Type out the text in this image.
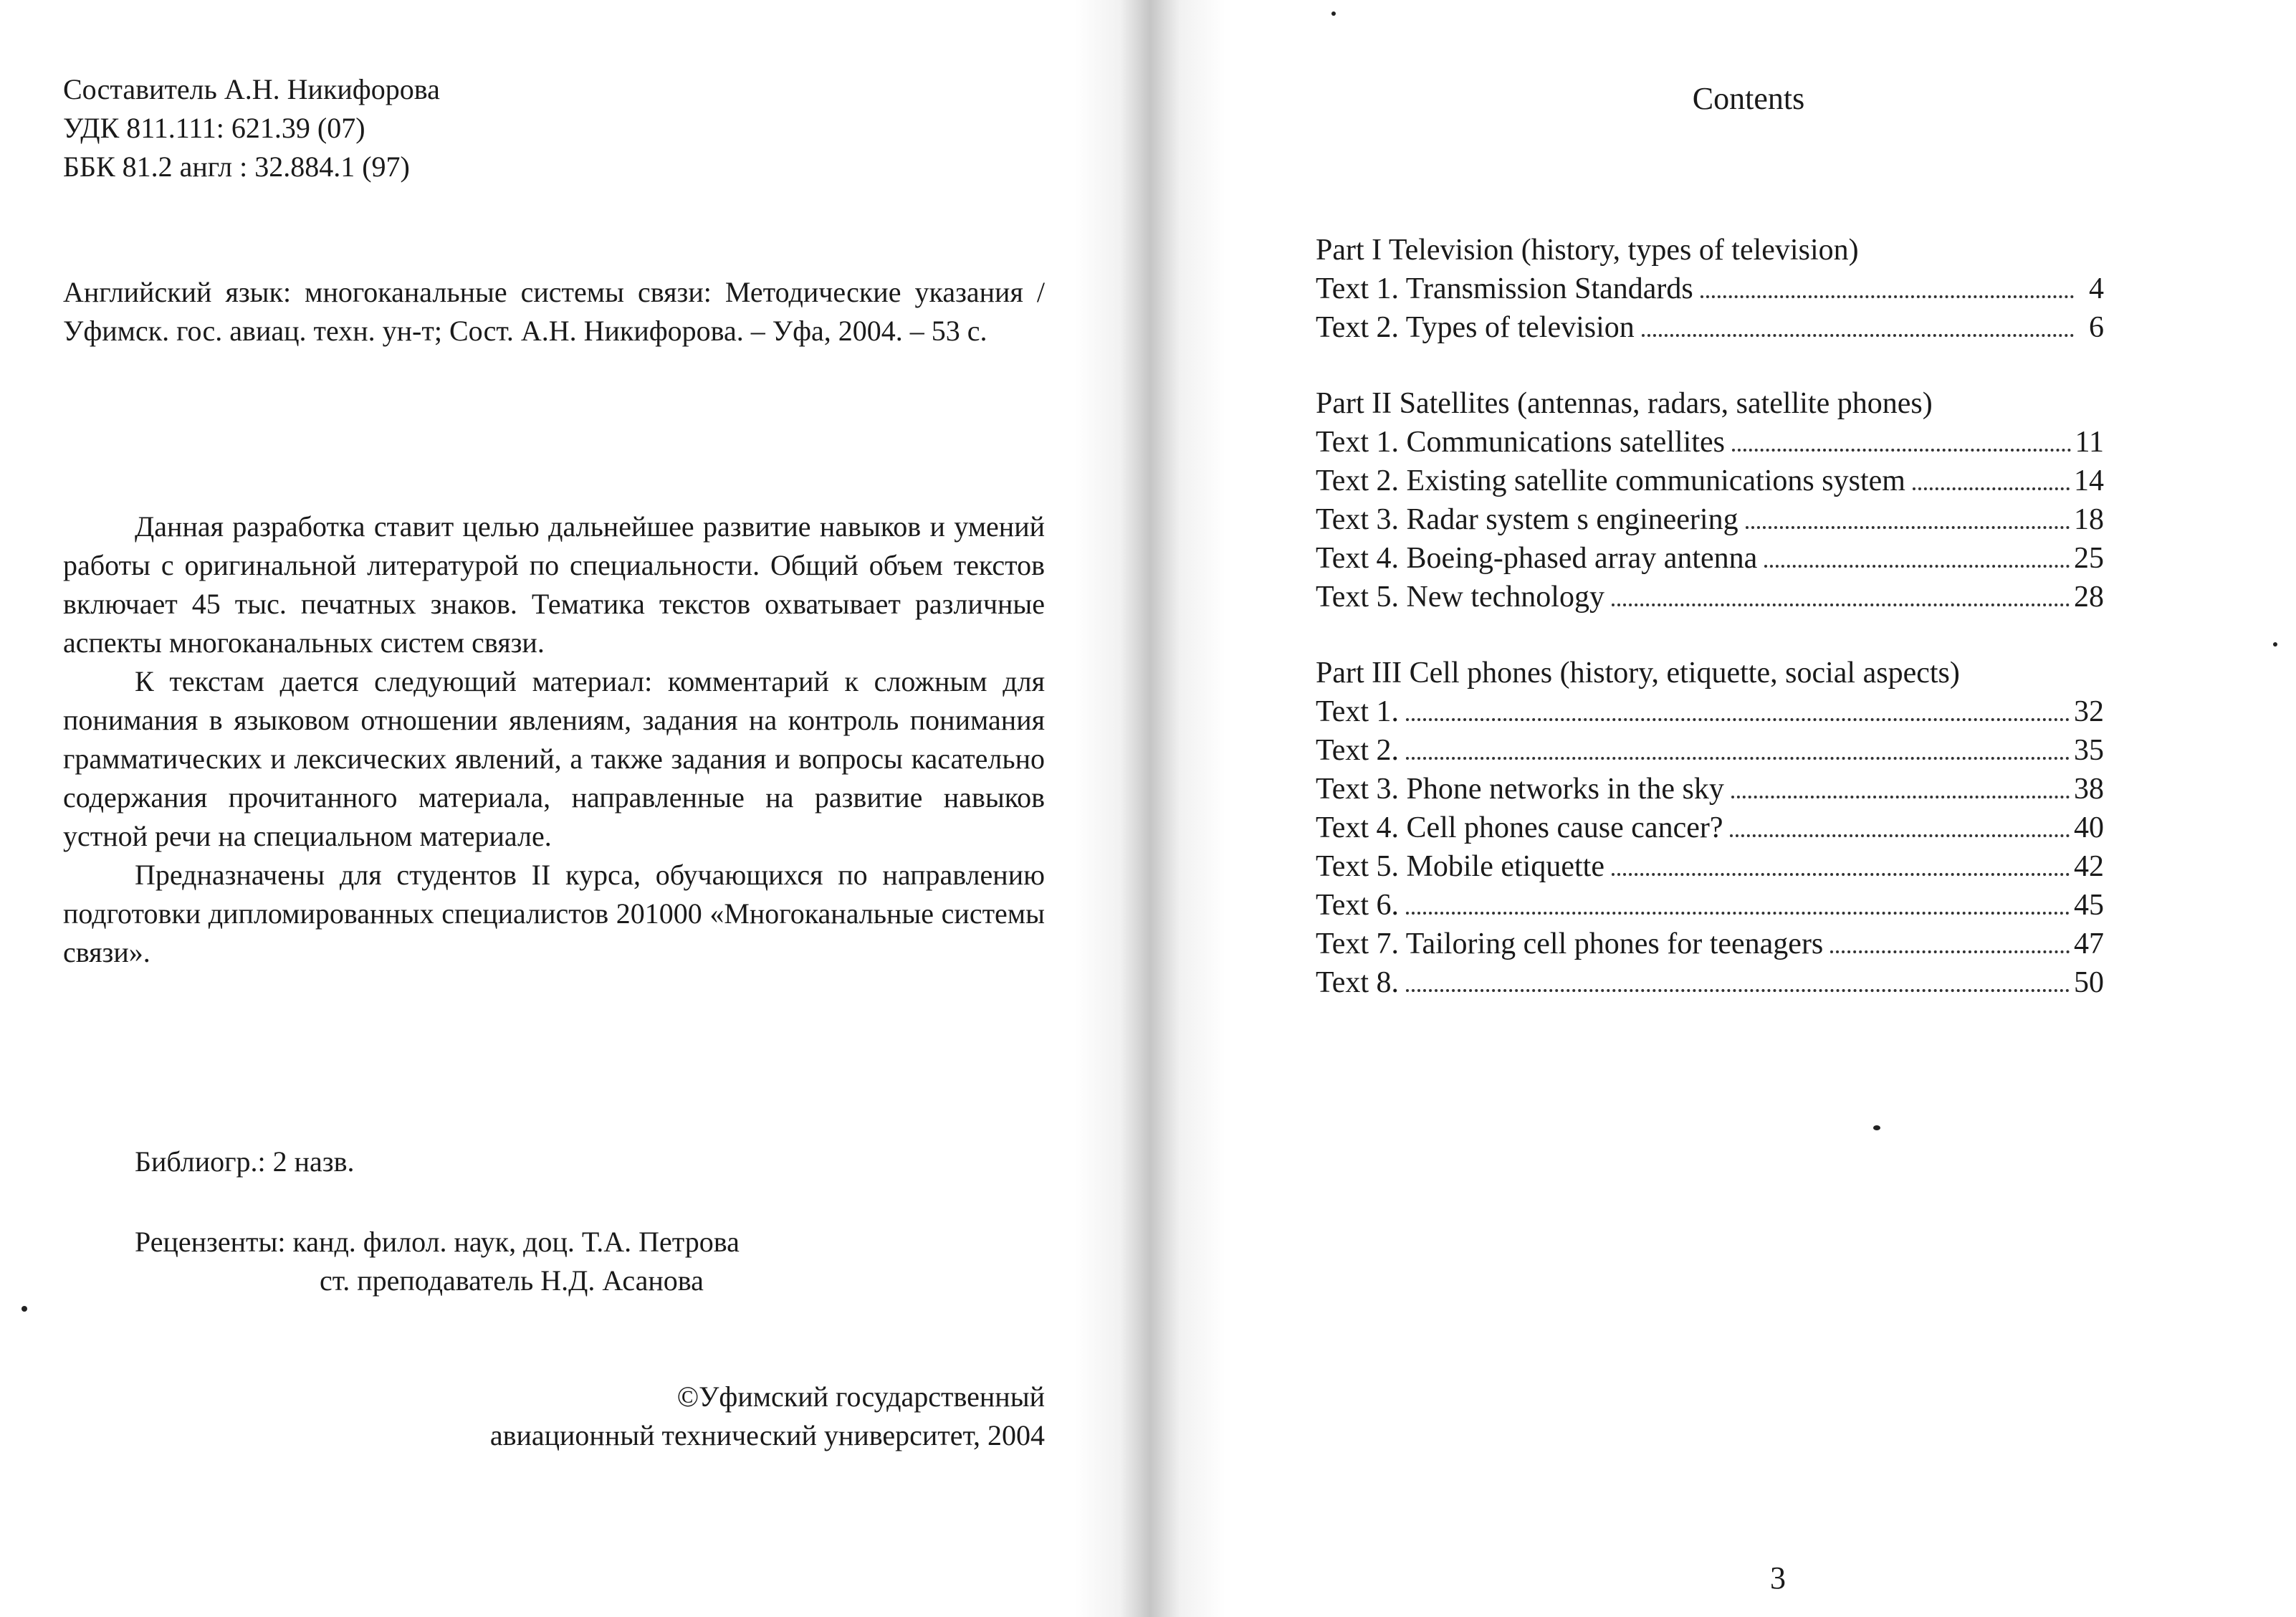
Составитель А.Н. Никифорова
УДК 811.111: 621.39 (07)
ББК 81.2 англ : 32.884.1 (97)
Английский язык: многоканальные системы связи: Методические указания / Уфимск. гос. авиац. техн. ун-т; Сост. А.Н. Никифорова. – Уфа, 2004. – 53 с.

Данная разработка ставит целью дальнейшее развитие навыков и умений работы с оригинальной литературой по специальности. Общий объем текстов включает 45 тыс. печатных знаков. Тематика текстов охватывает различные аспекты многоканальных систем связи.

К текстам дается следующий материал: комментарий к сложным для понимания в языковом отношении явлениям, задания на контроль понимания грамматических и лексических явлений, а также задания и вопросы касательно содержания прочитанного материала, направленные на развитие навыков устной речи на специальном материале.

Предназначены для студентов II курса, обучающихся по направлению подготовки дипломированных специалистов 201000 «Многоканальные системы связи».

Библиогр.: 2 назв.
Рецензенты: канд. филол. наук, доц. Т.А. Петрова
ст. преподаватель Н.Д. Асанова
©Уфимский государственный
авиационный технический университет, 2004
Contents
Part I Television (history, types of television)
Text 1. Transmission Standards	4
Text 2. Types of television	6
Part II Satellites (antennas, radars, satellite phones)
Text 1. Communications satellites	11
Text 2. Existing satellite communications system	14
Text 3. Radar system s engineering	18
Text 4. Boeing-phased array antenna	25
Text 5. New technology	28
Part III Cell phones (history, etiquette, social aspects)
Text 1.	32
Text 2.	35
Text 3. Phone networks in the sky	38
Text 4. Cell phones cause cancer?	40
Text 5. Mobile etiquette	42
Text 6.	45
Text 7. Tailoring cell phones for teenagers	47
Text 8.	50
3
